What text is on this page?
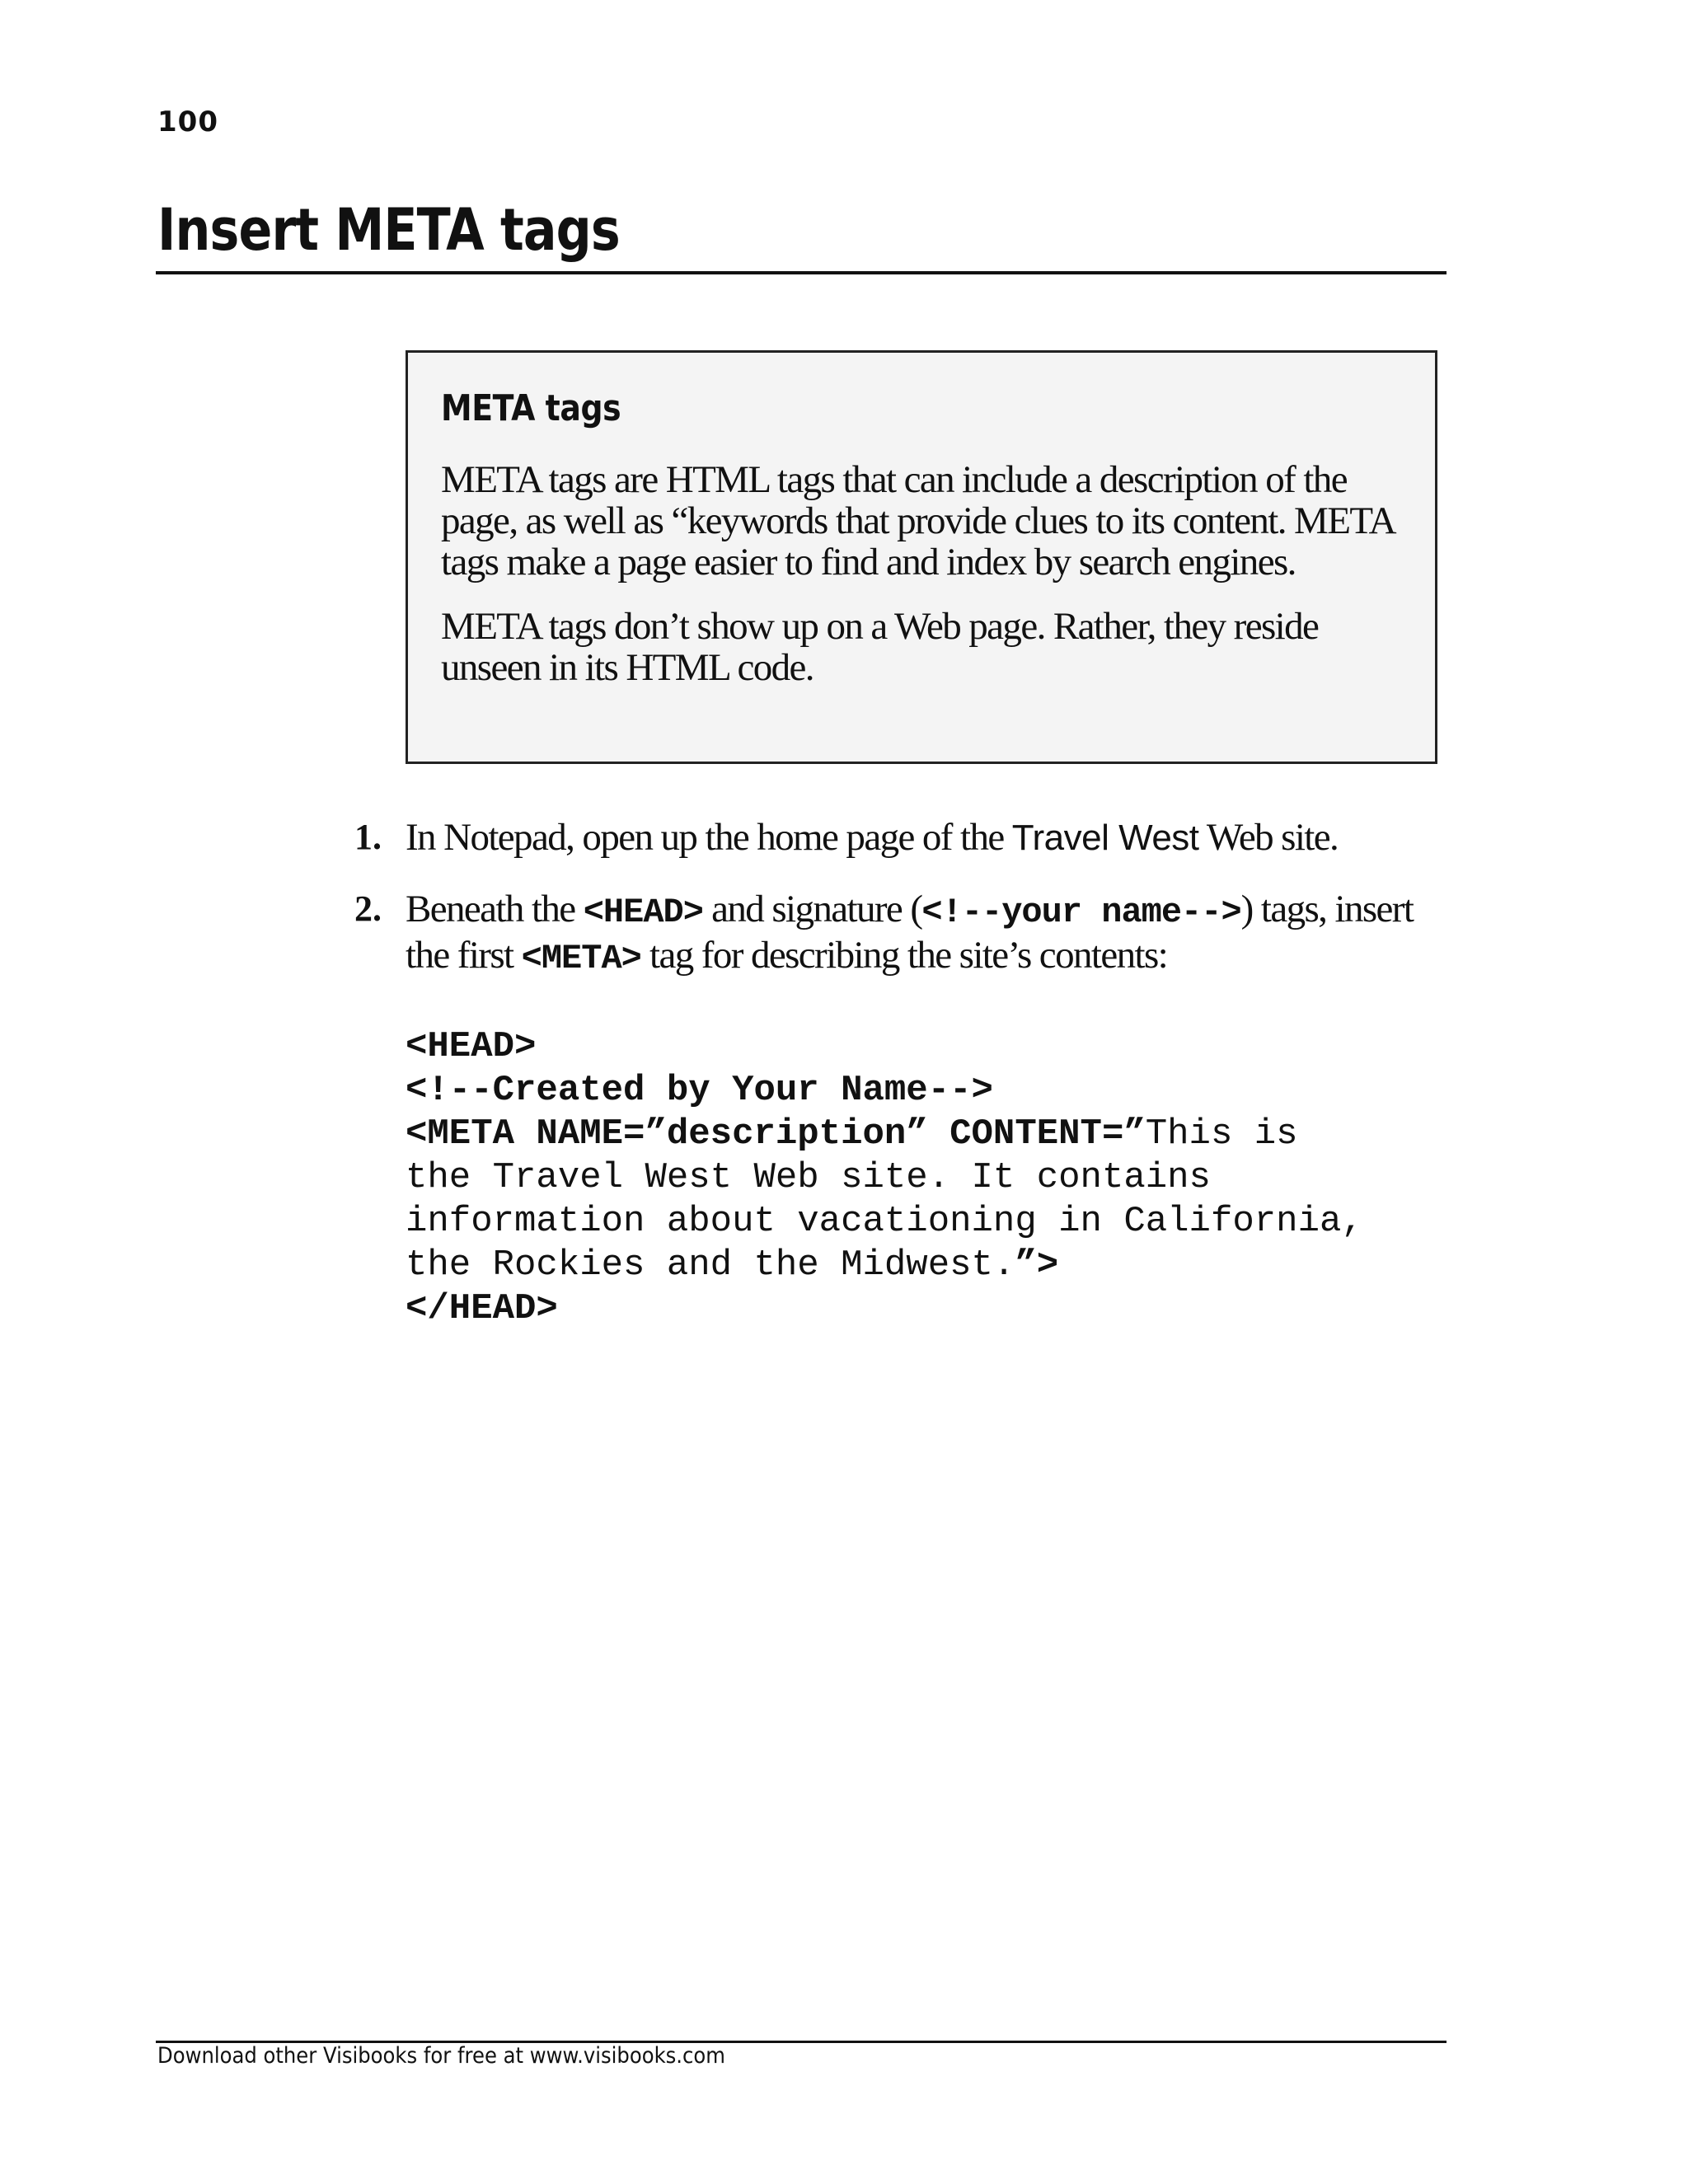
100
Insert META tags
META tags

META tags are HTML tags that can include a description of the page, as well as “keywords that provide clues to its content. META tags make a page easier to find and index by search engines.

META tags don’t show up on a Web page. Rather, they reside unseen in its HTML code.

1. In Notepad, open up the home page of the Travel West Web site.
2. Beneath the <HEAD> and signature (<!--your name-->) tags, insert the first <META> tag for describing the site’s contents:
<HEAD>
<!--Created by Your Name-->
<META NAME=”description” CONTENT=”This is
the Travel West Web site. It contains
information about vacationing in California,
the Rockies and the Midwest.”>
</HEAD>
Download other Visibooks for free at www.visibooks.com
